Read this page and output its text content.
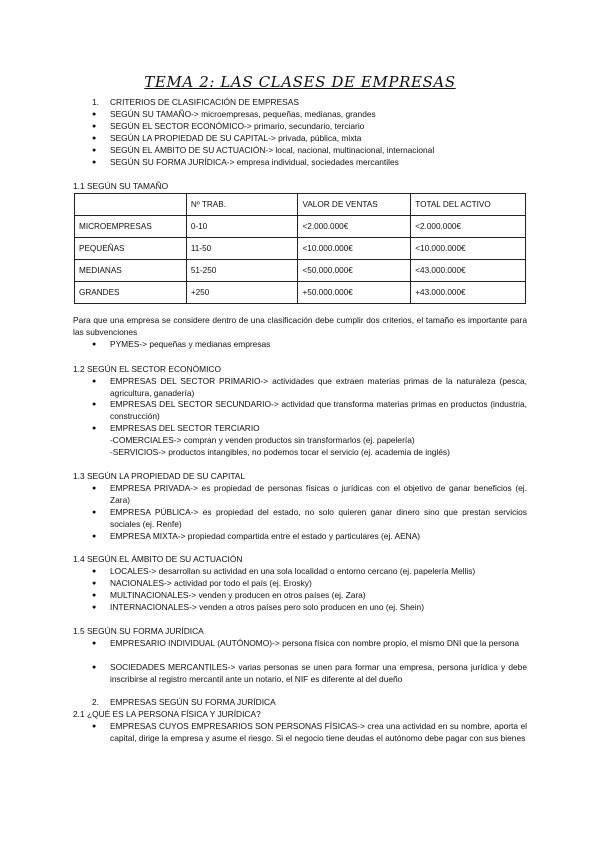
TEMA 2: LAS CLASES DE EMPRESAS
1. CRITERIOS DE CLASIFICACIÓN DE EMPRESAS
● SEGÚN SU TAMAÑO-> microempresas, pequeñas, medianas, grandes
● SEGÚN EL SECTOR ECONÓMICO-> primario, secundario, terciario
● SEGÚN LA PROPIEDAD DE SU CAPITAL-> privada, pública, mixta
● SEGÚN EL ÁMBITO DE SU ACTUACIÓN-> local, nacional, multinacional, internacional
● SEGÚN SU FORMA JURÍDICA-> empresa individual, sociedades mercantiles
1.1 SEGÚN SU TAMAÑO
	Nº TRAB.	VALOR DE VENTAS	TOTAL DEL ACTIVO
MICROEMPRESAS	0-10	<2.000.000€	<2.000.000€
PEQUEÑAS	11-50	<10.000.000€	<10.000.000€
MEDIANAS	51-250	<50.000.000€	<43.000.000€
GRANDES	+250	+50.000.000€	+43.000.000€
Para que una empresa se considere dentro de una clasificación debe cumplir dos criterios, el tamaño es importante para las subvenciones
● PYMES-> pequeñas y medianas empresas
1.2 SEGÚN EL SECTOR ECONÓMICO
● EMPRESAS DEL SECTOR PRIMARIO-> actividades que extraen materias primas de la naturaleza (pesca, agricultura, ganadería)
● EMPRESAS DEL SECTOR SECUNDARIO-> actividad que transforma materias primas en productos (industria, construcción)
● EMPRESAS DEL SECTOR TERCIARIO
-COMERCIALES-> compran y venden productos sin transformarlos (ej. papelería)
-SERVICIOS-> productos intangibles, no podemos tocar el servicio (ej. academia de inglés)
1.3 SEGÚN LA PROPIEDAD DE SU CAPITAL
● EMPRESA PRIVADA-> es propiedad de personas físicas o jurídicas con el objetivo de ganar beneficios (ej. Zara)
● EMPRESA PÚBLICA-> es propiedad del estado, no solo quieren ganar dinero sino que prestan servicios sociales (ej. Renfe)
● EMPRESA MIXTA-> propiedad compartida entre el estado y particulares (ej. AENA)
1.4 SEGÚN EL ÁMBITO DE SU ACTUACIÓN
● LOCALES-> desarrollan su actividad en una sola localidad o entorno cercano (ej. papelería Mellis)
● NACIONALES-> actividad por todo el país (ej. Erosky)
● MULTINACIONALES-> venden y producen en otros países (ej. Zara)
● INTERNACIONALES-> venden a otros países pero solo producen en uno (ej. Shein)
1.5 SEGÚN SU FORMA JURÍDICA
● EMPRESARIO INDIVIDUAL (AUTÓNOMO)-> persona física con nombre propio, el mismo DNI que la persona
● SOCIEDADES MERCANTILES-> varias personas se unen para formar una empresa, persona jurídica y debe inscribirse al registro mercantil ante un notario, el NIF es diferente al del dueño
2. EMPRESAS SEGÚN SU FORMA JURÍDICA
2.1 ¿QUÉ ES LA PERSONA FÍSICA Y JURÍDICA?
● EMPRESAS CUYOS EMPRESARIOS SON PERSONAS FÍSICAS-> crea una actividad en su nombre, aporta el capital, dirige la empresa y asume el riesgo. Si el negocio tiene deudas el autónomo debe pagar con sus bienes
